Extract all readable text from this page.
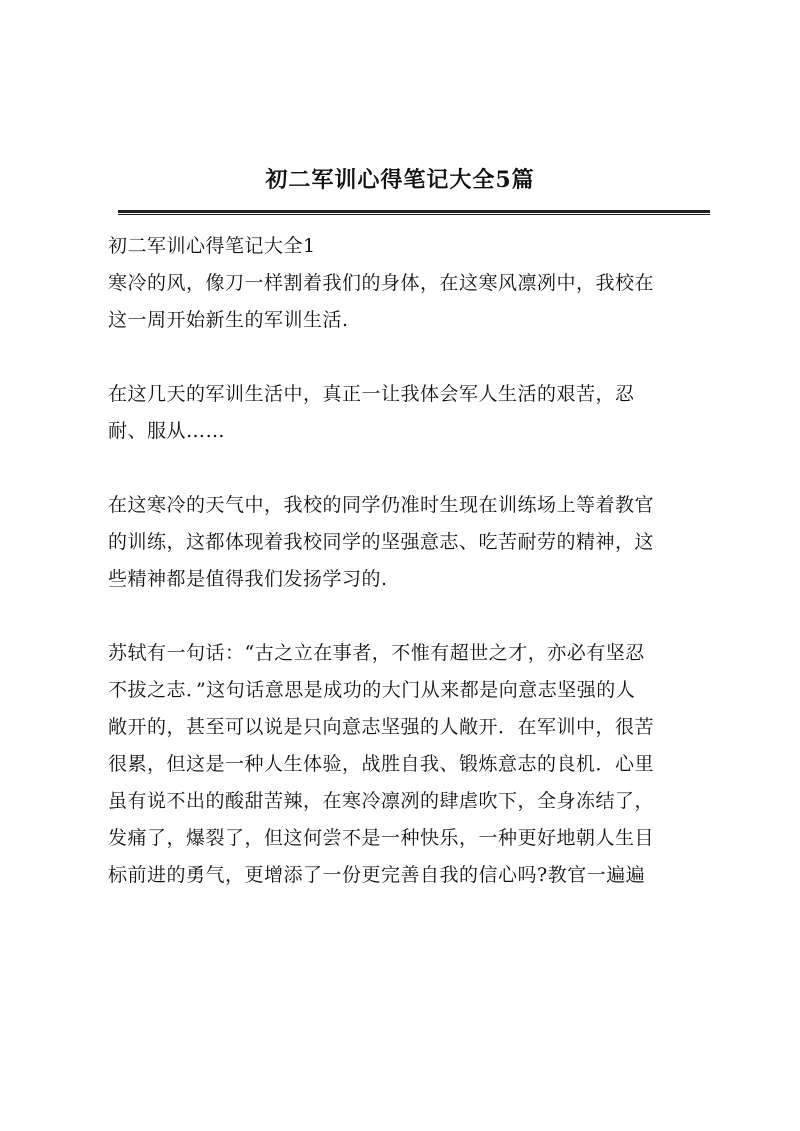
初二军训心得笔记大全5篇
初二军训心得笔记大全1
寒冷的风，像刀一样割着我们的身体，在这寒风凛冽中，我校在
这一周开始新生的军训生活.
在这几天的军训生活中，真正一让我体会军人生活的艰苦，忍
耐、服从……
在这寒冷的天气中，我校的同学仍准时生现在训练场上等着教官
的训练，这都体现着我校同学的坚强意志、吃苦耐劳的精神，这
些精神都是值得我们发扬学习的.
苏轼有一句话：“古之立在事者，不惟有超世之才，亦必有坚忍
不拔之志．”这句话意思是成功的大门从来都是向意志坚强的人
敞开的，甚至可以说是只向意志坚强的人敞开．在军训中，很苦
很累，但这是一种人生体验，战胜自我、锻炼意志的良机．心里
虽有说不出的酸甜苦辣，在寒冷凛冽的肆虐吹下，全身冻结了，
发痛了，爆裂了，但这何尝不是一种快乐，一种更好地朝人生目
标前进的勇气，更增添了一份更完善自我的信心吗?教官一遍遍
